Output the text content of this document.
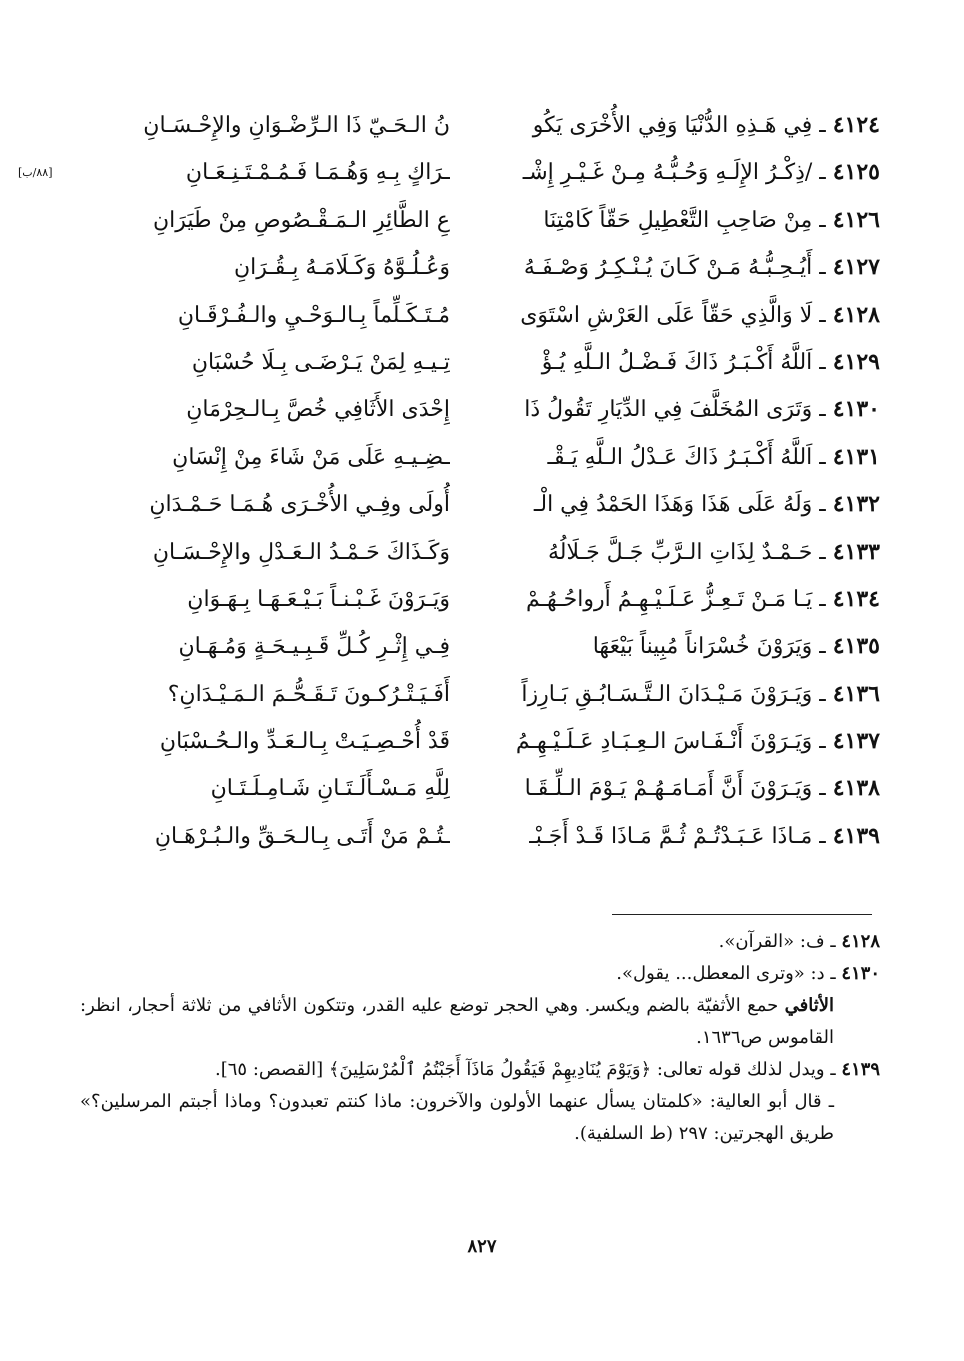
٤١٢٤ ـ فِي هَـذِهِ الدُّنْيَا وَفِي الأُخْرَى يَكُو
نُ الـحَـيّ ذَا الـرِّضْـوَانِ والإِحْـسَـانِ
٤١٢٥ ـ /ذِكْـرُ الإِلَـهِ وَحُـبُّـهُ مِـنْ غَـيْـرِ إِشْـ
ـرَاكٍ بِـهِ وَهُـمَـا فَـمُـمْـتَـنِـعَـانِ
[٨٨/ب]
٤١٢٦ ـ مِنْ صَاحِبِ التَّعْطِيلِ حَقّاً كَامْتِنَا
عِ الطَّائِرِ الـمَـقْـصُوصِ مِنْ طَيَرَانِ
٤١٢٧ ـ أَيُـحِـبُّـهُ مَـنْ كَـانَ يُـنْـكِـرُ وَصْـفَـهُ
وَعُـلُـوَّهُ وَكَـلَامَـهُ بِـقُـرَانِ
٤١٢٨ ـ لَا وَالَّذِي حَقّاً عَلَى العَرْشِ اسْتَوَى
مُـتَـكَـلِّماً بِـالـوَحْـيِ والـفُـرْقَـانِ
٤١٢٩ ـ اَللَّهُ أَكْـبَـرُ ذَاكَ فَـضْـلُ الـلَّهِ يُـؤْ
تِـيـهِ لِمَنْ يَـرْضَـى بِـلَا حُسْبَانِ
٤١٣٠ ـ وَتَرَى المُخَلَّفَ فِي الدِّيَارِ تَقُولُ ذَا
إِحْدَى الأَثَافِي خُصَّ بِـالـحِرْمَانِ
٤١٣١ ـ اَللَّهُ أَكْـبَـرُ ذَاكَ عَـدْلُ الـلَّهِ يَـقْـ
ـضِـيـهِ عَلَى مَنْ شَاءَ مِنْ إِنْسَانِ
٤١٣٢ ـ وَلَهُ عَلَى هَذَا وَهَذَا الحَمْدُ فِي الْـ
أُولَى وفِـي الأُخْـرَى هُـمَـا حَـمْـدَانِ
٤١٣٣ ـ حَـمْـدٌ لِذَاتِ الـرَّبِّ جَـلَّ جَـلَالُهُ
وَكَـذَاكَ حَـمْـدُ الـعَـدْلِ والإِحْـسَـانِ
٤١٣٤ ـ يَـا مَـنْ تَـعِـزُّ عَـلَـيْـهِـمُ أَرواحُـهُـمْ
وَيَـرَوْنَ غَـبْـنـاً بَـيْـعَـهَـا بِـهَـوَانِ
٤١٣٥ ـ وَيَرَوْنَ خُسْرَاناً مُبِيناً بَيْعَهَا
فِـي إِثْـرِ كُـلِّ قَـبِـيـحَـةٍ وَمُـهَـانِ
٤١٣٦ ـ وَيَـرَوْنَ مَـيْـدَانَ الـتَّـسَـابُـقِ بَـارِزاً
أَفَـيَـتْـرُكـونَ تَـقَـحُّـمَ الـمَـيْـدَانِ؟
٤١٣٧ ـ وَيَـرَوْنَ أَنْـفَـاسَ الـعِـبَـادِ عَـلَـيْـهِـمُ
قَدْ أُحْـصِـيَـتْ بِـالـعَـدِّ والـحُـسْبَانِ
٤١٣٨ ـ وَيَـرَوْنَ أَنَّ أَمَـامَـهُـمْ يَـوْمَ الـلِّـقَـا
لِلَّهِ مَـسْـأَلَـتَـانِ شَـامِـلَـتَـانِ
٤١٣٩ ـ مَـاذَا عَـبَـدْتُـمْ ثُـمَّ مَـاذَا قَـدْ أَجَـبْـ
ـتُـمْ مَنْ أَتَـى بِـالـحَـقِّ والـبُـرْهَـانِ
٤١٢٨ ـ ف: «القرآن».
٤١٣٠ ـ د: «وترى المعطل... يقول».
الأثافي حمع الأثفيّة بالضم ويكسر. وهي الحجر توضع عليه القدر، وتتكون الأثافي من ثلاثة أحجار، انظر: القاموس ص١٦٣٦.
٤١٣٩ ـ ويدل لذلك قوله تعالى: ﴿وَيَوْمَ يُنَادِيهِمْ فَيَقُولُ مَاذَآ أَجَبْتُمُ ٱلْمُرْسَلِينَ﴾ [القصص: ٦٥].
ـ قال أبو العالية: «كلمتان يسأل عنهما الأولون والآخرون: ماذا كنتم تعبدون؟ وماذا أجبتم المرسلين؟» طريق الهجرتين: ٢٩٧ (ط السلفية).
٨٢٧
